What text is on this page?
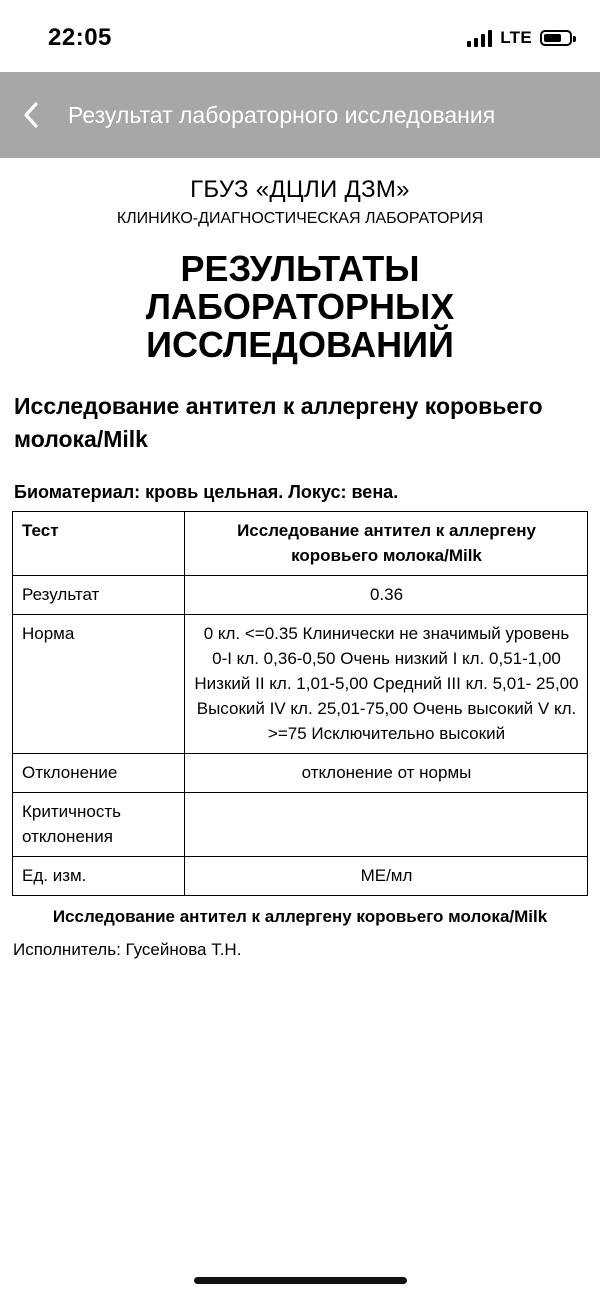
22:05	LTE
Результат лабораторного исследования
ГБУЗ «ДЦЛИ ДЗМ»
КЛИНИКО-ДИАГНОСТИЧЕСКАЯ ЛАБОРАТОРИЯ
РЕЗУЛЬТАТЫ ЛАБОРАТОРНЫХ ИССЛЕДОВАНИЙ
Исследование антител к аллергену коровьего молока/Milk
Биоматериал: кровь цельная. Локус: вена.
Тест	Исследование антител к аллергену коровьего молока/Milk
Результат	0.36
Норма	0 кл. <=0.35 Клинически не значимый уровень 0-I кл. 0,36-0,50 Очень низкий I кл. 0,51-1,00 Низкий II кл. 1,01-5,00 Средний III кл. 5,01- 25,00 Высокий IV кл. 25,01-75,00 Очень высокий V кл. >=75 Исключительно высокий
Отклонение	отклонение от нормы
Критичность отклонения	
Ед. изм.	МЕ/мл
Исследование антител к аллергену коровьего молока/Milk
Исполнитель: Гусейнова Т.Н.
